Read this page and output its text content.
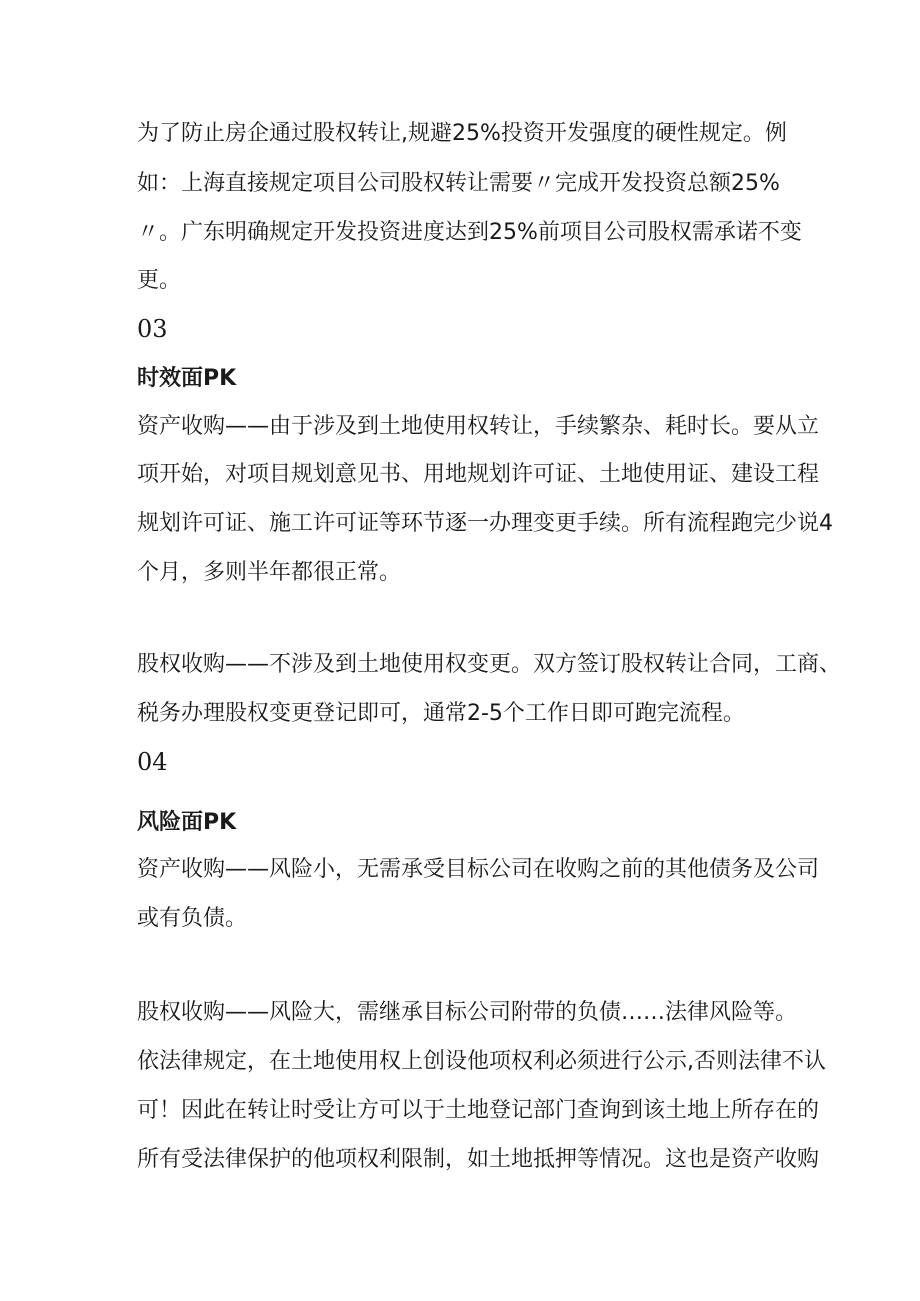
为了防止房企通过股权转让,规避25%投资开发强度的硬性规定。例
如：上海直接规定项目公司股权转让需要〃完成开发投资总额25%
〃。广东明确规定开发投资进度达到25%前项目公司股权需承诺不变
更。
03
时效面PK
资产收购——由于涉及到土地使用权转让，手续繁杂、耗时长。要从立
项开始，对项目规划意见书、用地规划许可证、土地使用证、建设工程
规划许可证、施工许可证等环节逐一办理变更手续。所有流程跑完少说4
个月，多则半年都很正常。
股权收购——不涉及到土地使用权变更。双方签订股权转让合同，工商、
税务办理股权变更登记即可，通常2-5个工作日即可跑完流程。
04
风险面PK
资产收购——风险小，无需承受目标公司在收购之前的其他债务及公司
或有负债。
股权收购——风险大，需继承目标公司附带的负债……法律风险等。
依法律规定，在土地使用权上创设他项权利必须进行公示,否则法律不认
可！因此在转让时受让方可以于土地登记部门查询到该土地上所存在的
所有受法律保护的他项权利限制，如土地抵押等情况。这也是资产收购
